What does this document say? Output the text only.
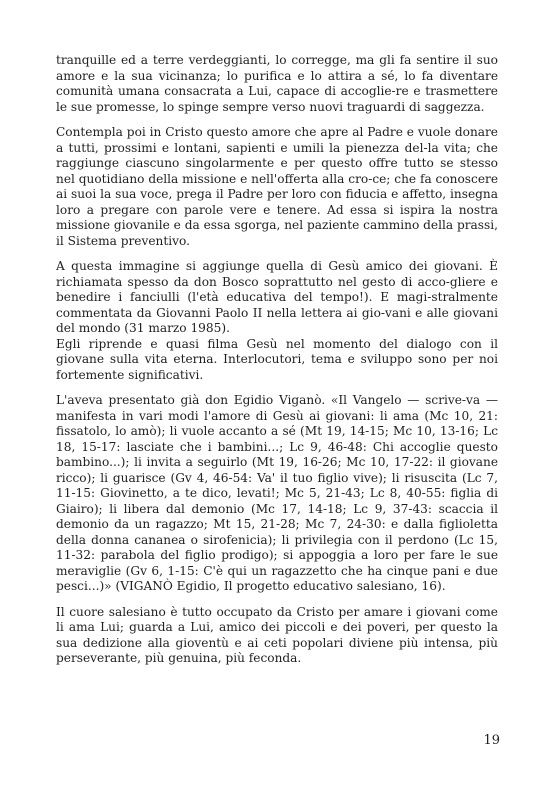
tranquille ed a terre verdeggianti, lo corregge, ma gli fa sentire il suo amore e la sua vicinanza; lo purifica e lo attira a sé, lo fa diventare comunità umana consacrata a Lui, capace di accoglie-re e trasmettere le sue promesse, lo spinge sempre verso nuovi traguardi di saggezza.

Contempla poi in Cristo questo amore che apre al Padre e vuole donare a tutti, prossimi e lontani, sapienti e umili la pienezza del-la vita; che raggiunge ciascuno singolarmente e per questo offre tutto se stesso nel quotidiano della missione e nell'offerta alla cro-ce; che fa conoscere ai suoi la sua voce, prega il Padre per loro con fiducia e affetto, insegna loro a pregare con parole vere e tenere. Ad essa si ispira la nostra missione giovanile e da essa sgorga, nel paziente cammino della prassi, il Sistema preventivo.

A questa immagine si aggiunge quella di Gesù amico dei giovani. È richiamata spesso da don Bosco soprattutto nel gesto di acco-gliere e benedire i fanciulli (l'età educativa del tempo!). E magi-stralmente commentata da Giovanni Paolo II nella lettera ai gio-vani e alle giovani del mondo (31 marzo 1985).

Egli riprende e quasi filma Gesù nel momento del dialogo con il giovane sulla vita eterna. Interlocutori, tema e sviluppo sono per noi fortemente significativi.

L'aveva presentato già don Egidio Viganò. «Il Vangelo — scrive-va — manifesta in vari modi l'amore di Gesù ai giovani: li ama (Mc 10, 21: fissatolo, lo amò); li vuole accanto a sé (Mt 19, 14-15; Mc 10, 13-16; Lc 18, 15-17: lasciate che i bambini...; Lc 9, 46-48: Chi accoglie questo bambino...); li invita a seguirlo (Mt 19, 16-26; Mc 10, 17-22: il giovane ricco); li guarisce (Gv 4, 46-54: Va' il tuo figlio vive); li risuscita (Lc 7, 11-15: Giovinetto, a te dico, levati!; Mc 5, 21-43; Lc 8, 40-55: figlia di Giairo); li libera dal demonio (Mc 17, 14-18; Lc 9, 37-43: scaccia il demonio da un ragazzo; Mt 15, 21-28; Mc 7, 24-30: e dalla figlioletta della donna cananea o sirofenicia); li privilegia con il perdono (Lc 15, 11-32: parabola del figlio prodigo); si appoggia a loro per fare le sue meraviglie (Gv 6, 1-15: C'è qui un ragazzetto che ha cinque pani e due pesci...)» (VIGANÒ Egidio, Il progetto educativo salesiano, 16).

Il cuore salesiano è tutto occupato da Cristo per amare i giovani come li ama Lui; guarda a Lui, amico dei piccoli e dei poveri, per questo la sua dedizione alla gioventù e ai ceti popolari diviene più intensa, più perseverante, più genuina, più feconda.

19
